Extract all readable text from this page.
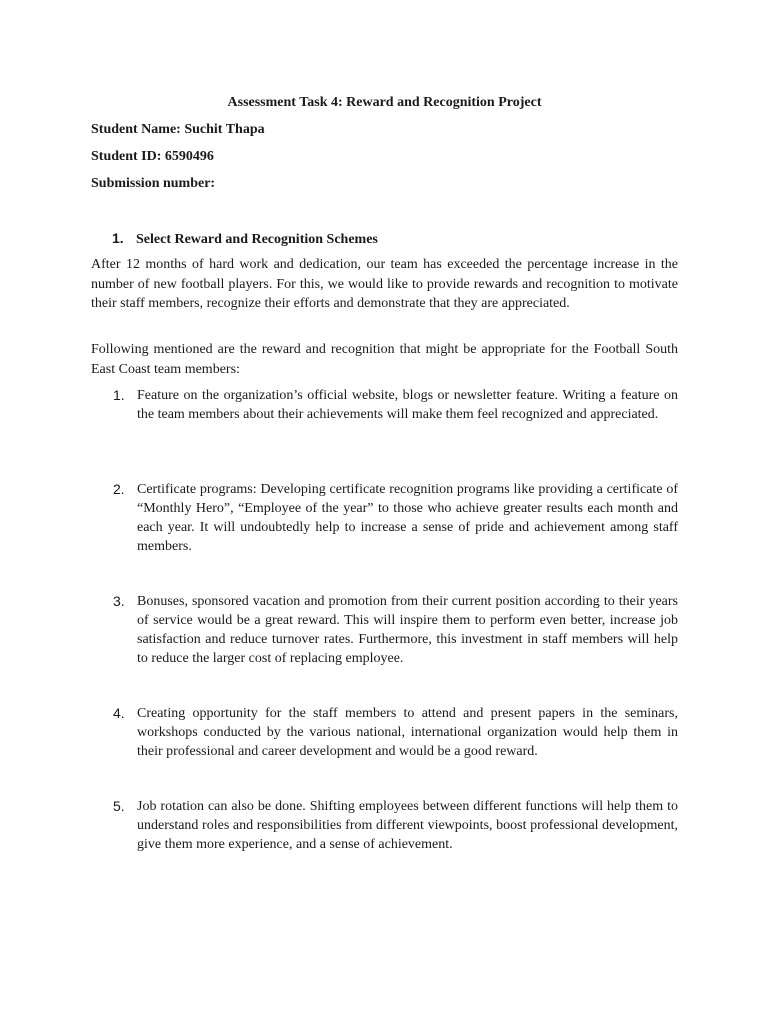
Assessment Task 4: Reward and Recognition Project
Student Name: Suchit Thapa
Student ID: 6590496
Submission number:
1. Select Reward and Recognition Schemes

After 12 months of hard work and dedication, our team has exceeded the percentage increase in the number of new football players. For this, we would like to provide rewards and recognition to motivate their staff members, recognize their efforts and demonstrate that they are appreciated.

Following mentioned are the reward and recognition that might be appropriate for the Football South East Coast team members:

1. Feature on the organization’s official website, blogs or newsletter feature. Writing a feature on the team members about their achievements will make them feel recognized and appreciated.
2. Certificate programs: Developing certificate recognition programs like providing a certificate of “Monthly Hero”, “Employee of the year” to those who achieve greater results each month and each year. It will undoubtedly help to increase a sense of pride and achievement among staff members.
3. Bonuses, sponsored vacation and promotion from their current position according to their years of service would be a great reward. This will inspire them to perform even better, increase job satisfaction and reduce turnover rates. Furthermore, this investment in staff members will help to reduce the larger cost of replacing employee.
4. Creating opportunity for the staff members to attend and present papers in the seminars, workshops conducted by the various national, international organization would help them in their professional and career development and would be a good reward.
5. Job rotation can also be done. Shifting employees between different functions will help them to understand roles and responsibilities from different viewpoints, boost professional development, give them more experience, and a sense of achievement.
